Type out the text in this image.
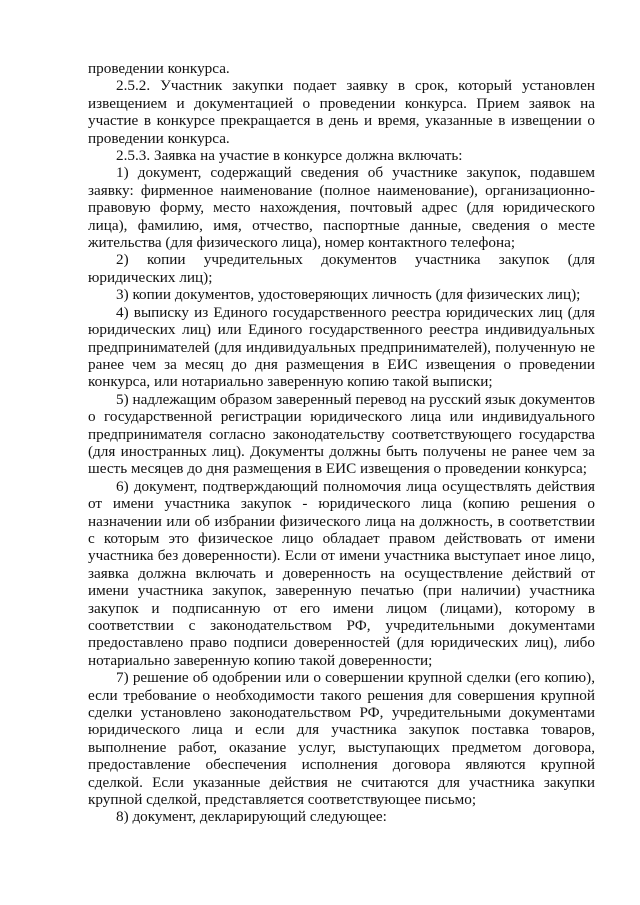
проведении конкурса.

2.5.2. Участник закупки подает заявку в срок, который установлен извещением и документацией о проведении конкурса. Прием заявок на участие в конкурсе прекращается в день и время, указанные в извещении о проведении конкурса.

2.5.3. Заявка на участие в конкурсе должна включать:

1) документ, содержащий сведения об участнике закупок, подавшем заявку: фирменное наименование (полное наименование), организационно-правовую форму, место нахождения, почтовый адрес (для юридического лица), фамилию, имя, отчество, паспортные данные, сведения о месте жительства (для физического лица), номер контактного телефона;

2) копии учредительных документов участника закупок (для юридических лиц);

3) копии документов, удостоверяющих личность (для физических лиц);

4) выписку из Единого государственного реестра юридических лиц (для юридических лиц) или Единого государственного реестра индивидуальных предпринимателей (для индивидуальных предпринимателей), полученную не ранее чем за месяц до дня размещения в ЕИС извещения о проведении конкурса, или нотариально заверенную копию такой выписки;

5) надлежащим образом заверенный перевод на русский язык документов о государственной регистрации юридического лица или индивидуального предпринимателя согласно законодательству соответствующего государства (для иностранных лиц). Документы должны быть получены не ранее чем за шесть месяцев до дня размещения в ЕИС извещения о проведении конкурса;

6) документ, подтверждающий полномочия лица осуществлять действия от имени участника закупок - юридического лица (копию решения о назначении или об избрании физического лица на должность, в соответствии с которым это физическое лицо обладает правом действовать от имени участника без доверенности). Если от имени участника выступает иное лицо, заявка должна включать и доверенность на осуществление действий от имени участника закупок, заверенную печатью (при наличии) участника закупок и подписанную от его имени лицом (лицами), которому в соответствии с законодательством РФ, учредительными документами предоставлено право подписи доверенностей (для юридических лиц), либо нотариально заверенную копию такой доверенности;

7) решение об одобрении или о совершении крупной сделки (его копию), если требование о необходимости такого решения для совершения крупной сделки установлено законодательством РФ, учредительными документами юридического лица и если для участника закупок поставка товаров, выполнение работ, оказание услуг, выступающих предметом договора, предоставление обеспечения исполнения договора являются крупной сделкой. Если указанные действия не считаются для участника закупки крупной сделкой, представляется соответствующее письмо;

8) документ, декларирующий следующее:
